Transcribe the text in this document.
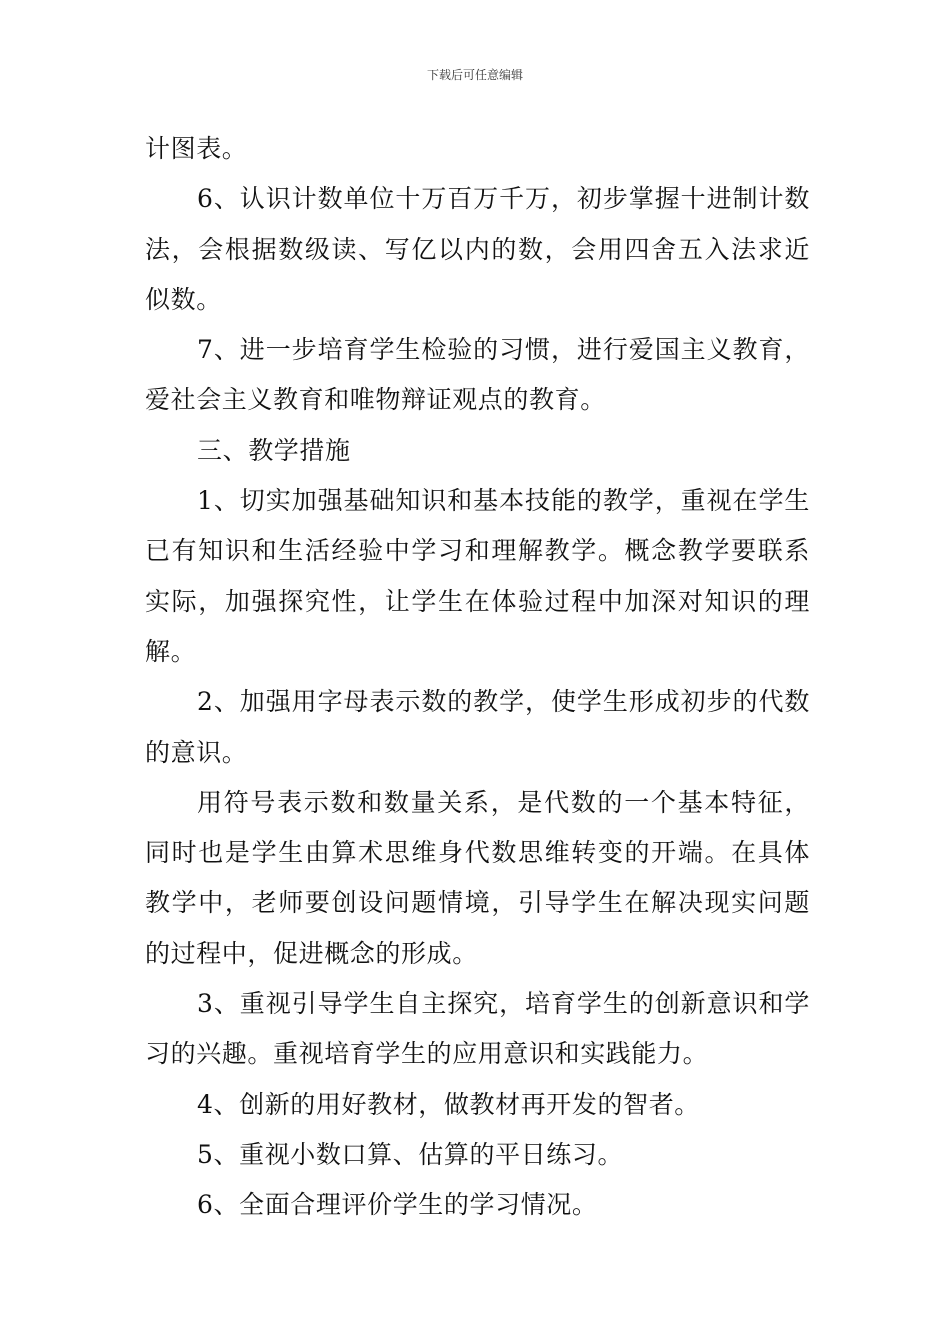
下载后可任意编辑

计图表。

6、认识计数单位十万百万千万，初步掌握十进制计数法，会根据数级读、写亿以内的数，会用四舍五入法求近似数。

7、进一步培育学生检验的习惯，进行爱国主义教育，爱社会主义教育和唯物辩证观点的教育。

三、教学措施

1、切实加强基础知识和基本技能的教学，重视在学生已有知识和生活经验中学习和理解教学。概念教学要联系实际，加强探究性，让学生在体验过程中加深对知识的理解。

2、加强用字母表示数的教学，使学生形成初步的代数的意识。

用符号表示数和数量关系，是代数的一个基本特征，同时也是学生由算术思维身代数思维转变的开端。在具体教学中，老师要创设问题情境，引导学生在解决现实问题的过程中，促进概念的形成。

3、重视引导学生自主探究，培育学生的创新意识和学习的兴趣。重视培育学生的应用意识和实践能力。

4、创新的用好教材，做教材再开发的智者。

5、重视小数口算、估算的平日练习。

6、全面合理评价学生的学习情况。
